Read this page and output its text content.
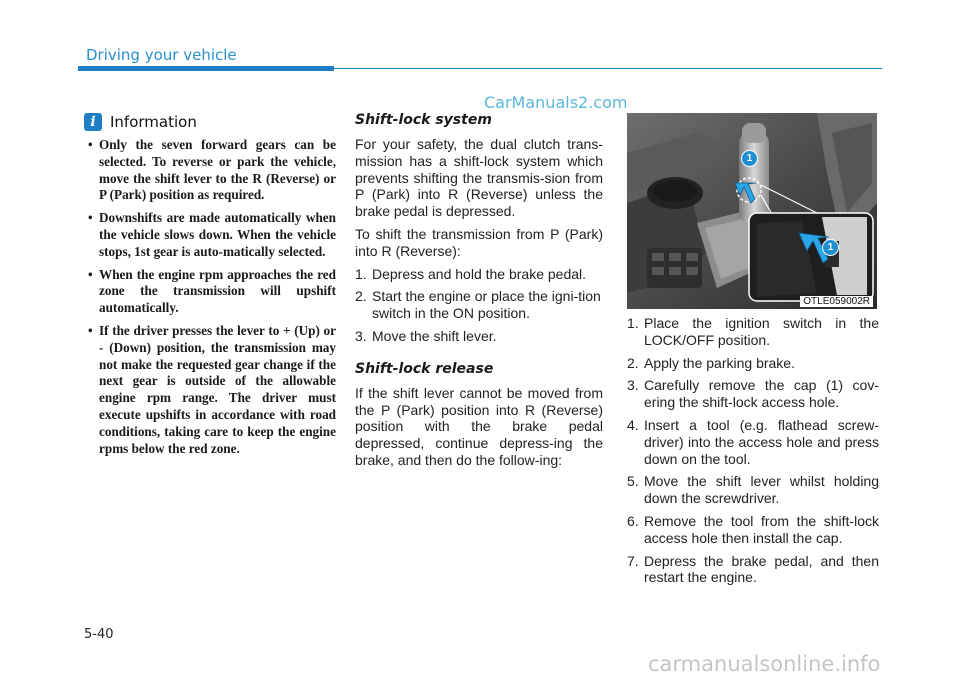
Driving your vehicle
CarManuals2.com
i Information
• Only the seven forward gears can be selected. To reverse or park the vehicle, move the shift lever to the R (Reverse) or P (Park) position as required.
• Downshifts are made automatically when the vehicle slows down. When the vehicle stops, 1st gear is auto-matically selected.
• When the engine rpm approaches the red zone the transmission will upshift automatically.
• If the driver presses the lever to + (Up) or - (Down) position, the transmission may not make the requested gear change if the next gear is outside of the allowable engine rpm range. The driver must execute upshifts in accordance with road conditions, taking care to keep the engine rpms below the red zone.
Shift-lock system

For your safety, the dual clutch trans-mission has a shift-lock system which prevents shifting the transmis-sion from P (Park) into R (Reverse) unless the brake pedal is depressed.

To shift the transmission from P (Park) into R (Reverse):

1. Depress and hold the brake pedal.
2. Start the engine or place the igni-tion switch in the ON position.
3. Move the shift lever.
Shift-lock release

If the shift lever cannot be moved from the P (Park) position into R (Reverse) position with the brake pedal depressed, continue depress-ing the brake, and then do the follow-ing:

1
1
OTLE059002R
1. Place the ignition switch in the LOCK/OFF position.
2. Apply the parking brake.
3. Carefully remove the cap (1) cov-ering the shift-lock access hole.
4. Insert a tool (e.g. flathead screw-driver) into the access hole and press down on the tool.
5. Move the shift lever whilst holding down the screwdriver.
6. Remove the tool from the shift-lock access hole then install the cap.
7. Depress the brake pedal, and then restart the engine.
5-40
carmanualsonline.info
